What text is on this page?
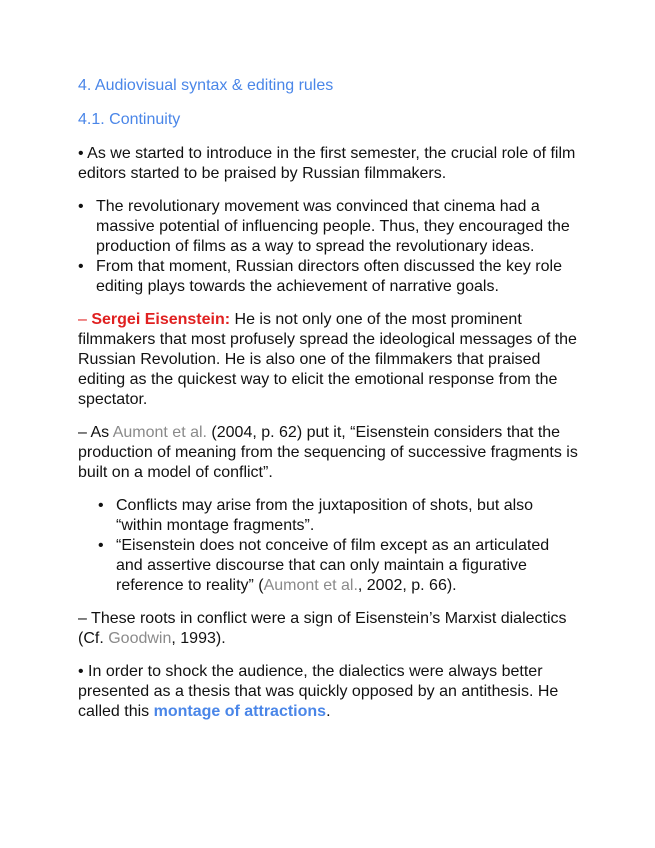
4. Audiovisual syntax & editing rules
4.1. Continuity

• As we started to introduce in the first semester, the crucial role of film editors started to be praised by Russian filmmakers.

• The revolutionary movement was convinced that cinema had a massive potential of influencing people. Thus, they encouraged the production of films as a way to spread the revolutionary ideas.
• From that moment, Russian directors often discussed the key role editing plays towards the achievement of narrative goals.

– Sergei Eisenstein: He is not only one of the most prominent filmmakers that most profusely spread the ideological messages of the Russian Revolution. He is also one of the filmmakers that praised editing as the quickest way to elicit the emotional response from the spectator.

– As Aumont et al. (2004, p. 62) put it, “Eisenstein considers that the production of meaning from the sequencing of successive fragments is built on a model of conflict”.

• Conflicts may arise from the juxtaposition of shots, but also “within montage fragments”.
• “Eisenstein does not conceive of film except as an articulated and assertive discourse that can only maintain a figurative reference to reality” (Aumont et al., 2002, p. 66).

– These roots in conflict were a sign of Eisenstein’s Marxist dialectics (Cf. Goodwin, 1993).

• In order to shock the audience, the dialectics were always better presented as a thesis that was quickly opposed by an antithesis. He called this montage of attractions.
